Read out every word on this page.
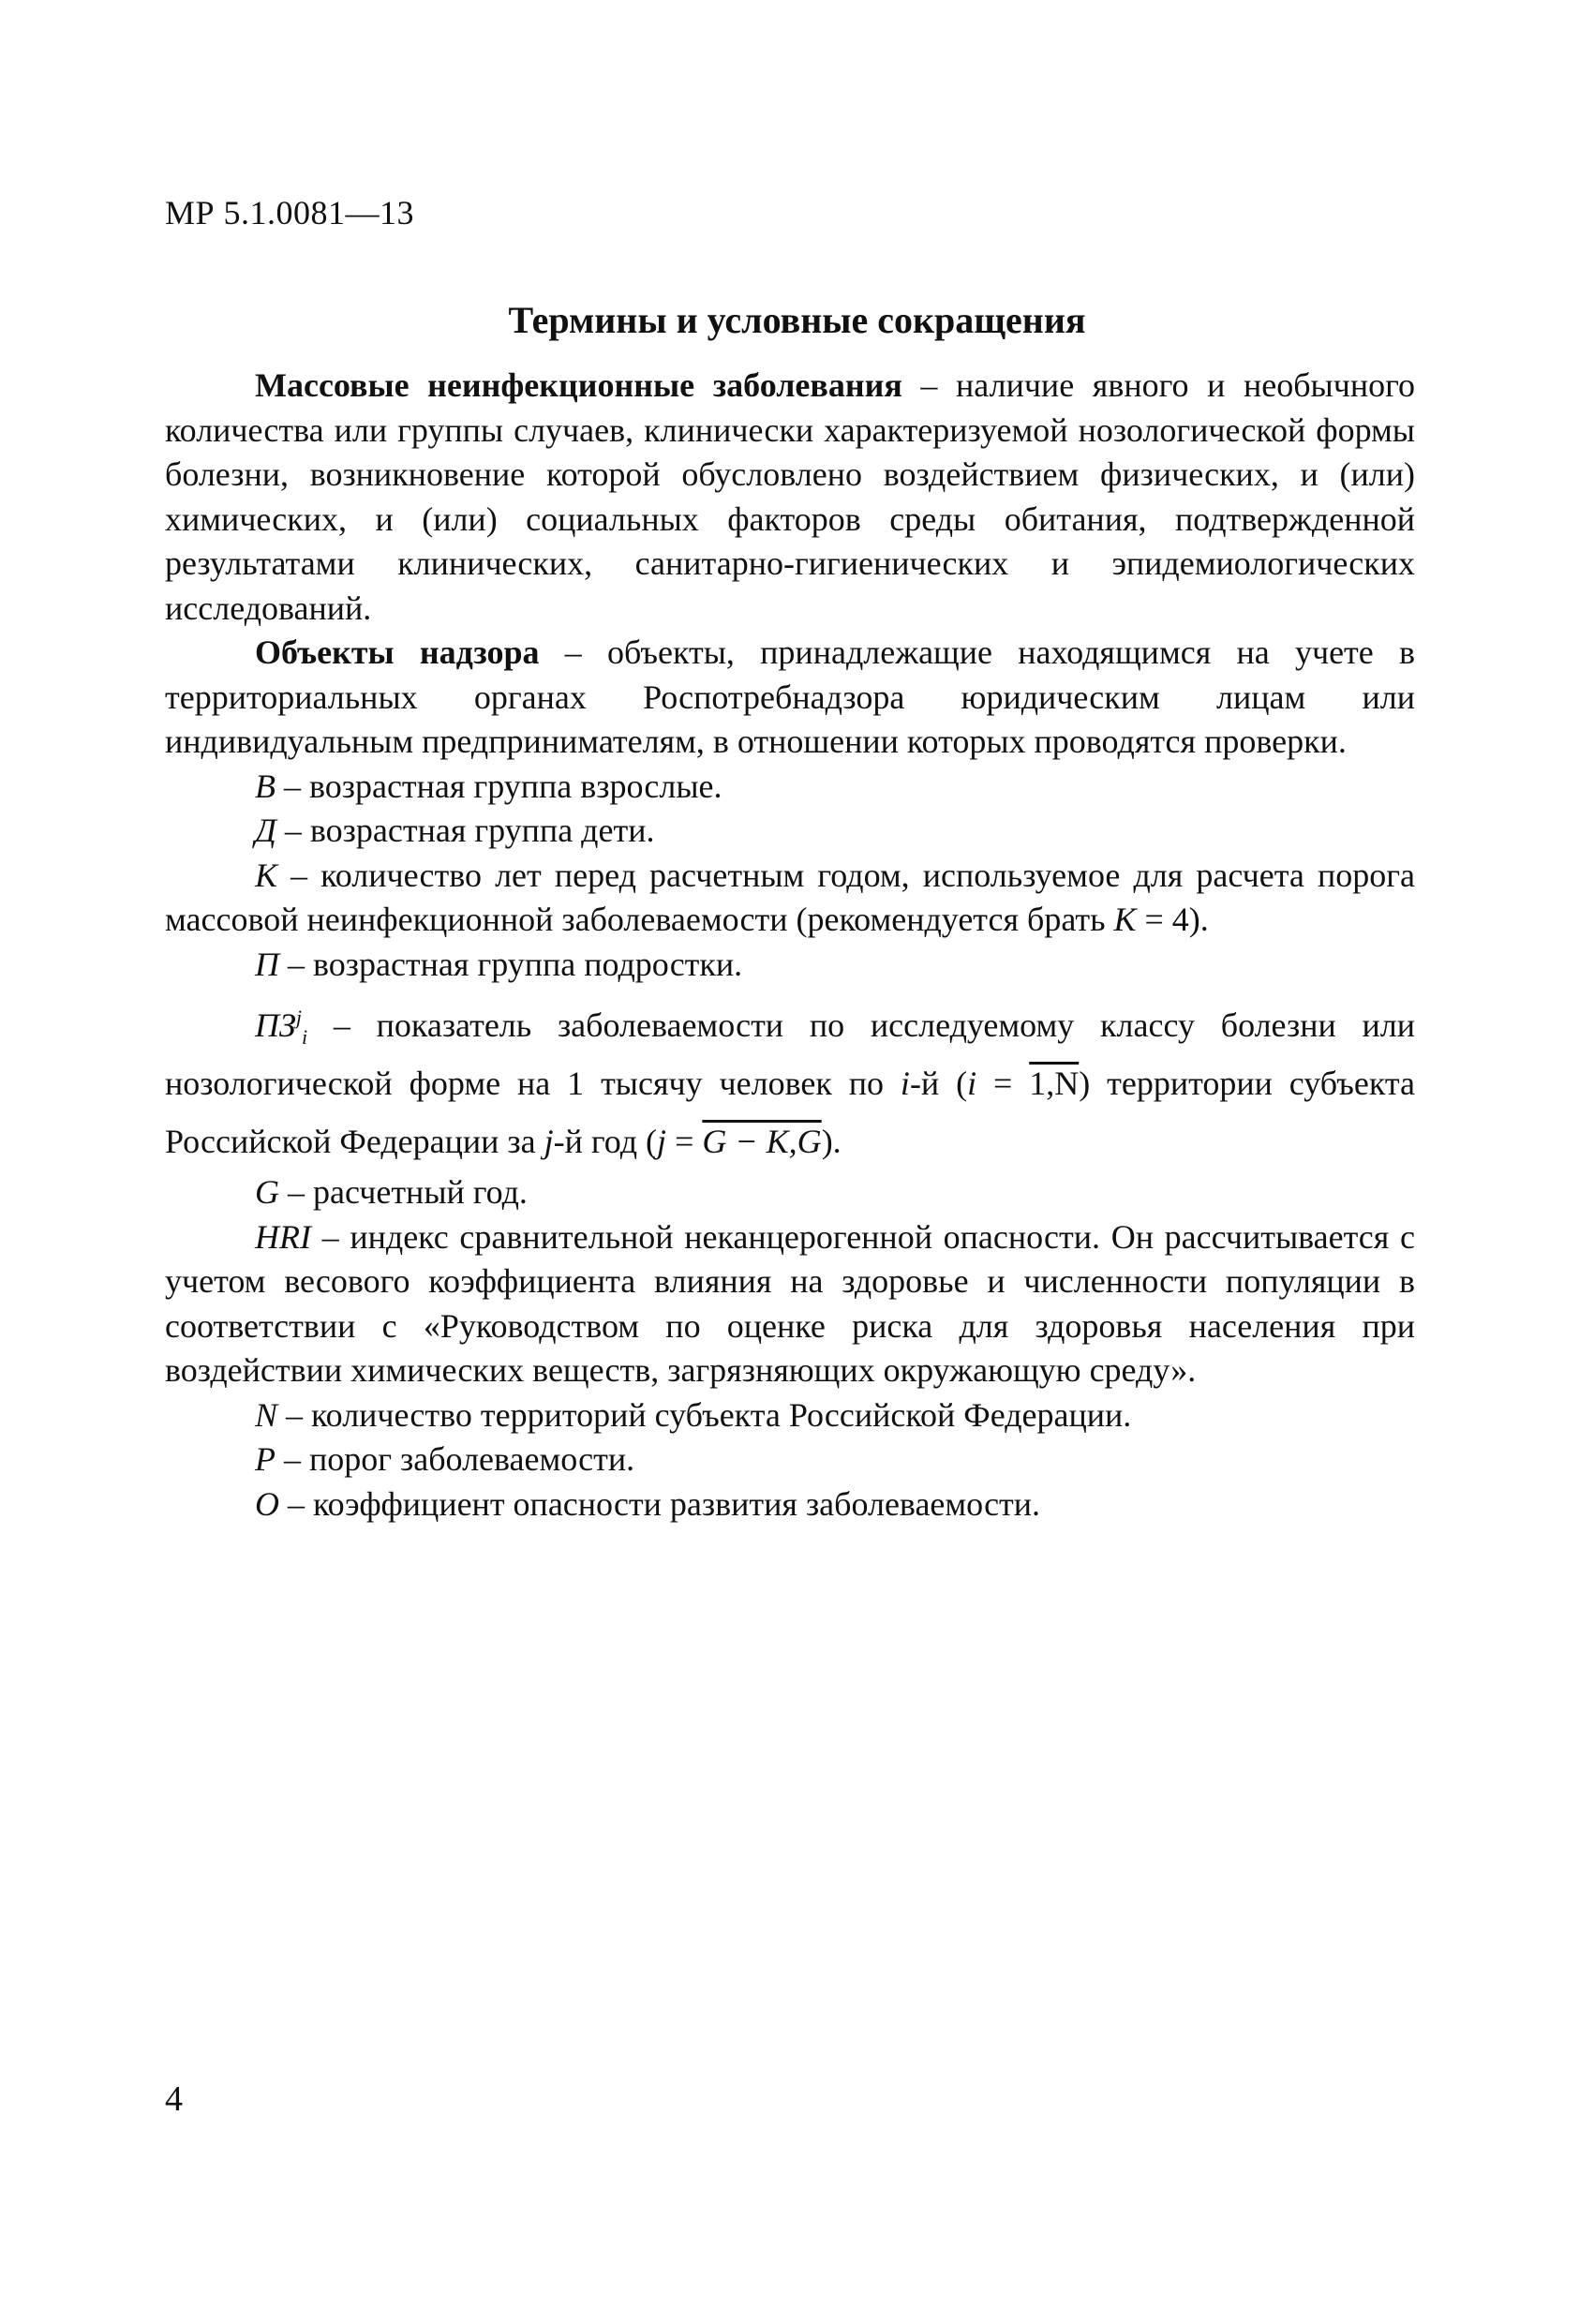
МР 5.1.0081—13
Термины и условные сокращения

Массовые неинфекционные заболевания – наличие явного и необычного количества или группы случаев, клинически характеризуемой нозологической формы болезни, возникновение которой обусловлено воздействием физических, и (или) химических, и (или) социальных факторов среды обитания, подтвержденной результатами клинических, санитарно-гигиенических и эпидемиологических исследований.

Объекты надзора – объекты, принадлежащие находящимся на учете в территориальных органах Роспотребнадзора юридическим лицам или индивидуальным предпринимателям, в отношении которых проводятся проверки.

В – возрастная группа взрослые.

Д – возрастная группа дети.

К – количество лет перед расчетным годом, используемое для расчета порога массовой неинфекционной заболеваемости (рекомендуется брать К = 4).

П – возрастная группа подростки.

$ПЗ^j_i$ – показатель заболеваемости по исследуемому классу болезни или нозологической форме на 1 тысячу человек по i-й (i = 1,N) территории субъекта Российской Федерации за j-й год (j = G − K,G).

G – расчетный год.

HRI – индекс сравнительной неканцерогенной опасности. Он рассчитывается с учетом весового коэффициента влияния на здоровье и численности популяции в соответствии с «Руководством по оценке риска для здоровья населения при воздействии химических веществ, загрязняющих окружающую среду».

N – количество территорий субъекта Российской Федерации.

P – порог заболеваемости.

O – коэффициент опасности развития заболеваемости.

4
